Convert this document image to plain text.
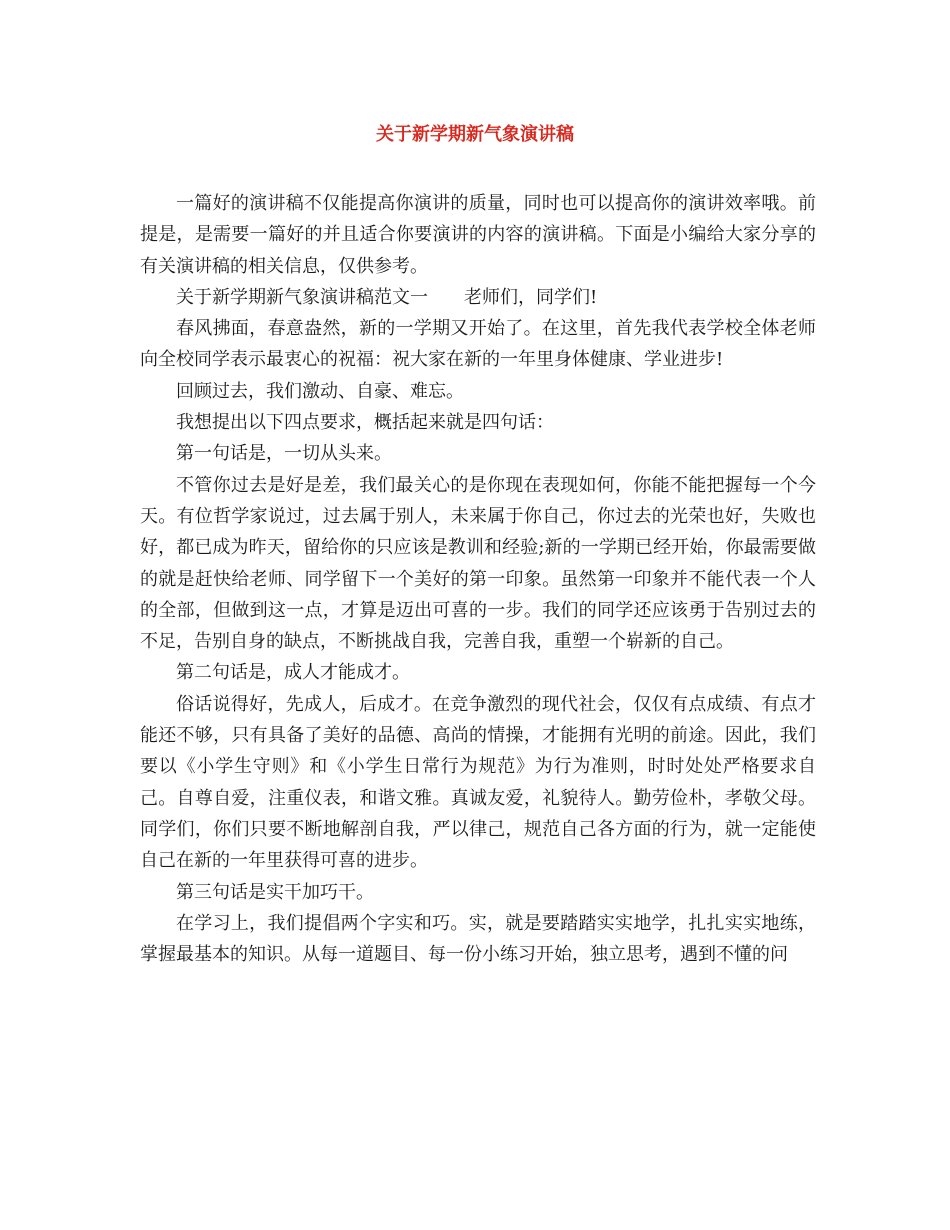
关于新学期新气象演讲稿

一篇好的演讲稿不仅能提高你演讲的质量，同时也可以提高你的演讲效率哦。前提是，是需要一篇好的并且适合你要演讲的内容的演讲稿。下面是小编给大家分享的有关演讲稿的相关信息，仅供参考。

关于新学期新气象演讲稿范文一　　老师们，同学们!

春风拂面，春意盎然，新的一学期又开始了。在这里，首先我代表学校全体老师向全校同学表示最衷心的祝福：祝大家在新的一年里身体健康、学业进步!

回顾过去，我们激动、自豪、难忘。

我想提出以下四点要求，概括起来就是四句话：

第一句话是，一切从头来。

不管你过去是好是差，我们最关心的是你现在表现如何，你能不能把握每一个今天。有位哲学家说过，过去属于别人，未来属于你自己，你过去的光荣也好，失败也好，都已成为昨天，留给你的只应该是教训和经验;新的一学期已经开始，你最需要做的就是赶快给老师、同学留下一个美好的第一印象。虽然第一印象并不能代表一个人的全部，但做到这一点，才算是迈出可喜的一步。我们的同学还应该勇于告别过去的不足，告别自身的缺点，不断挑战自我，完善自我，重塑一个崭新的自己。

第二句话是，成人才能成才。

俗话说得好，先成人，后成才。在竞争激烈的现代社会，仅仅有点成绩、有点才能还不够，只有具备了美好的品德、高尚的情操，才能拥有光明的前途。因此，我们要以《小学生守则》和《小学生日常行为规范》为行为准则，时时处处严格要求自己。自尊自爱，注重仪表，和谐文雅。真诚友爱，礼貌待人。勤劳俭朴，孝敬父母。同学们，你们只要不断地解剖自我，严以律己，规范自己各方面的行为，就一定能使自己在新的一年里获得可喜的进步。

第三句话是实干加巧干。

在学习上，我们提倡两个字实和巧。实，就是要踏踏实实地学，扎扎实实地练，掌握最基本的知识。从每一道题目、每一份小练习开始，独立思考，遇到不懂的问
